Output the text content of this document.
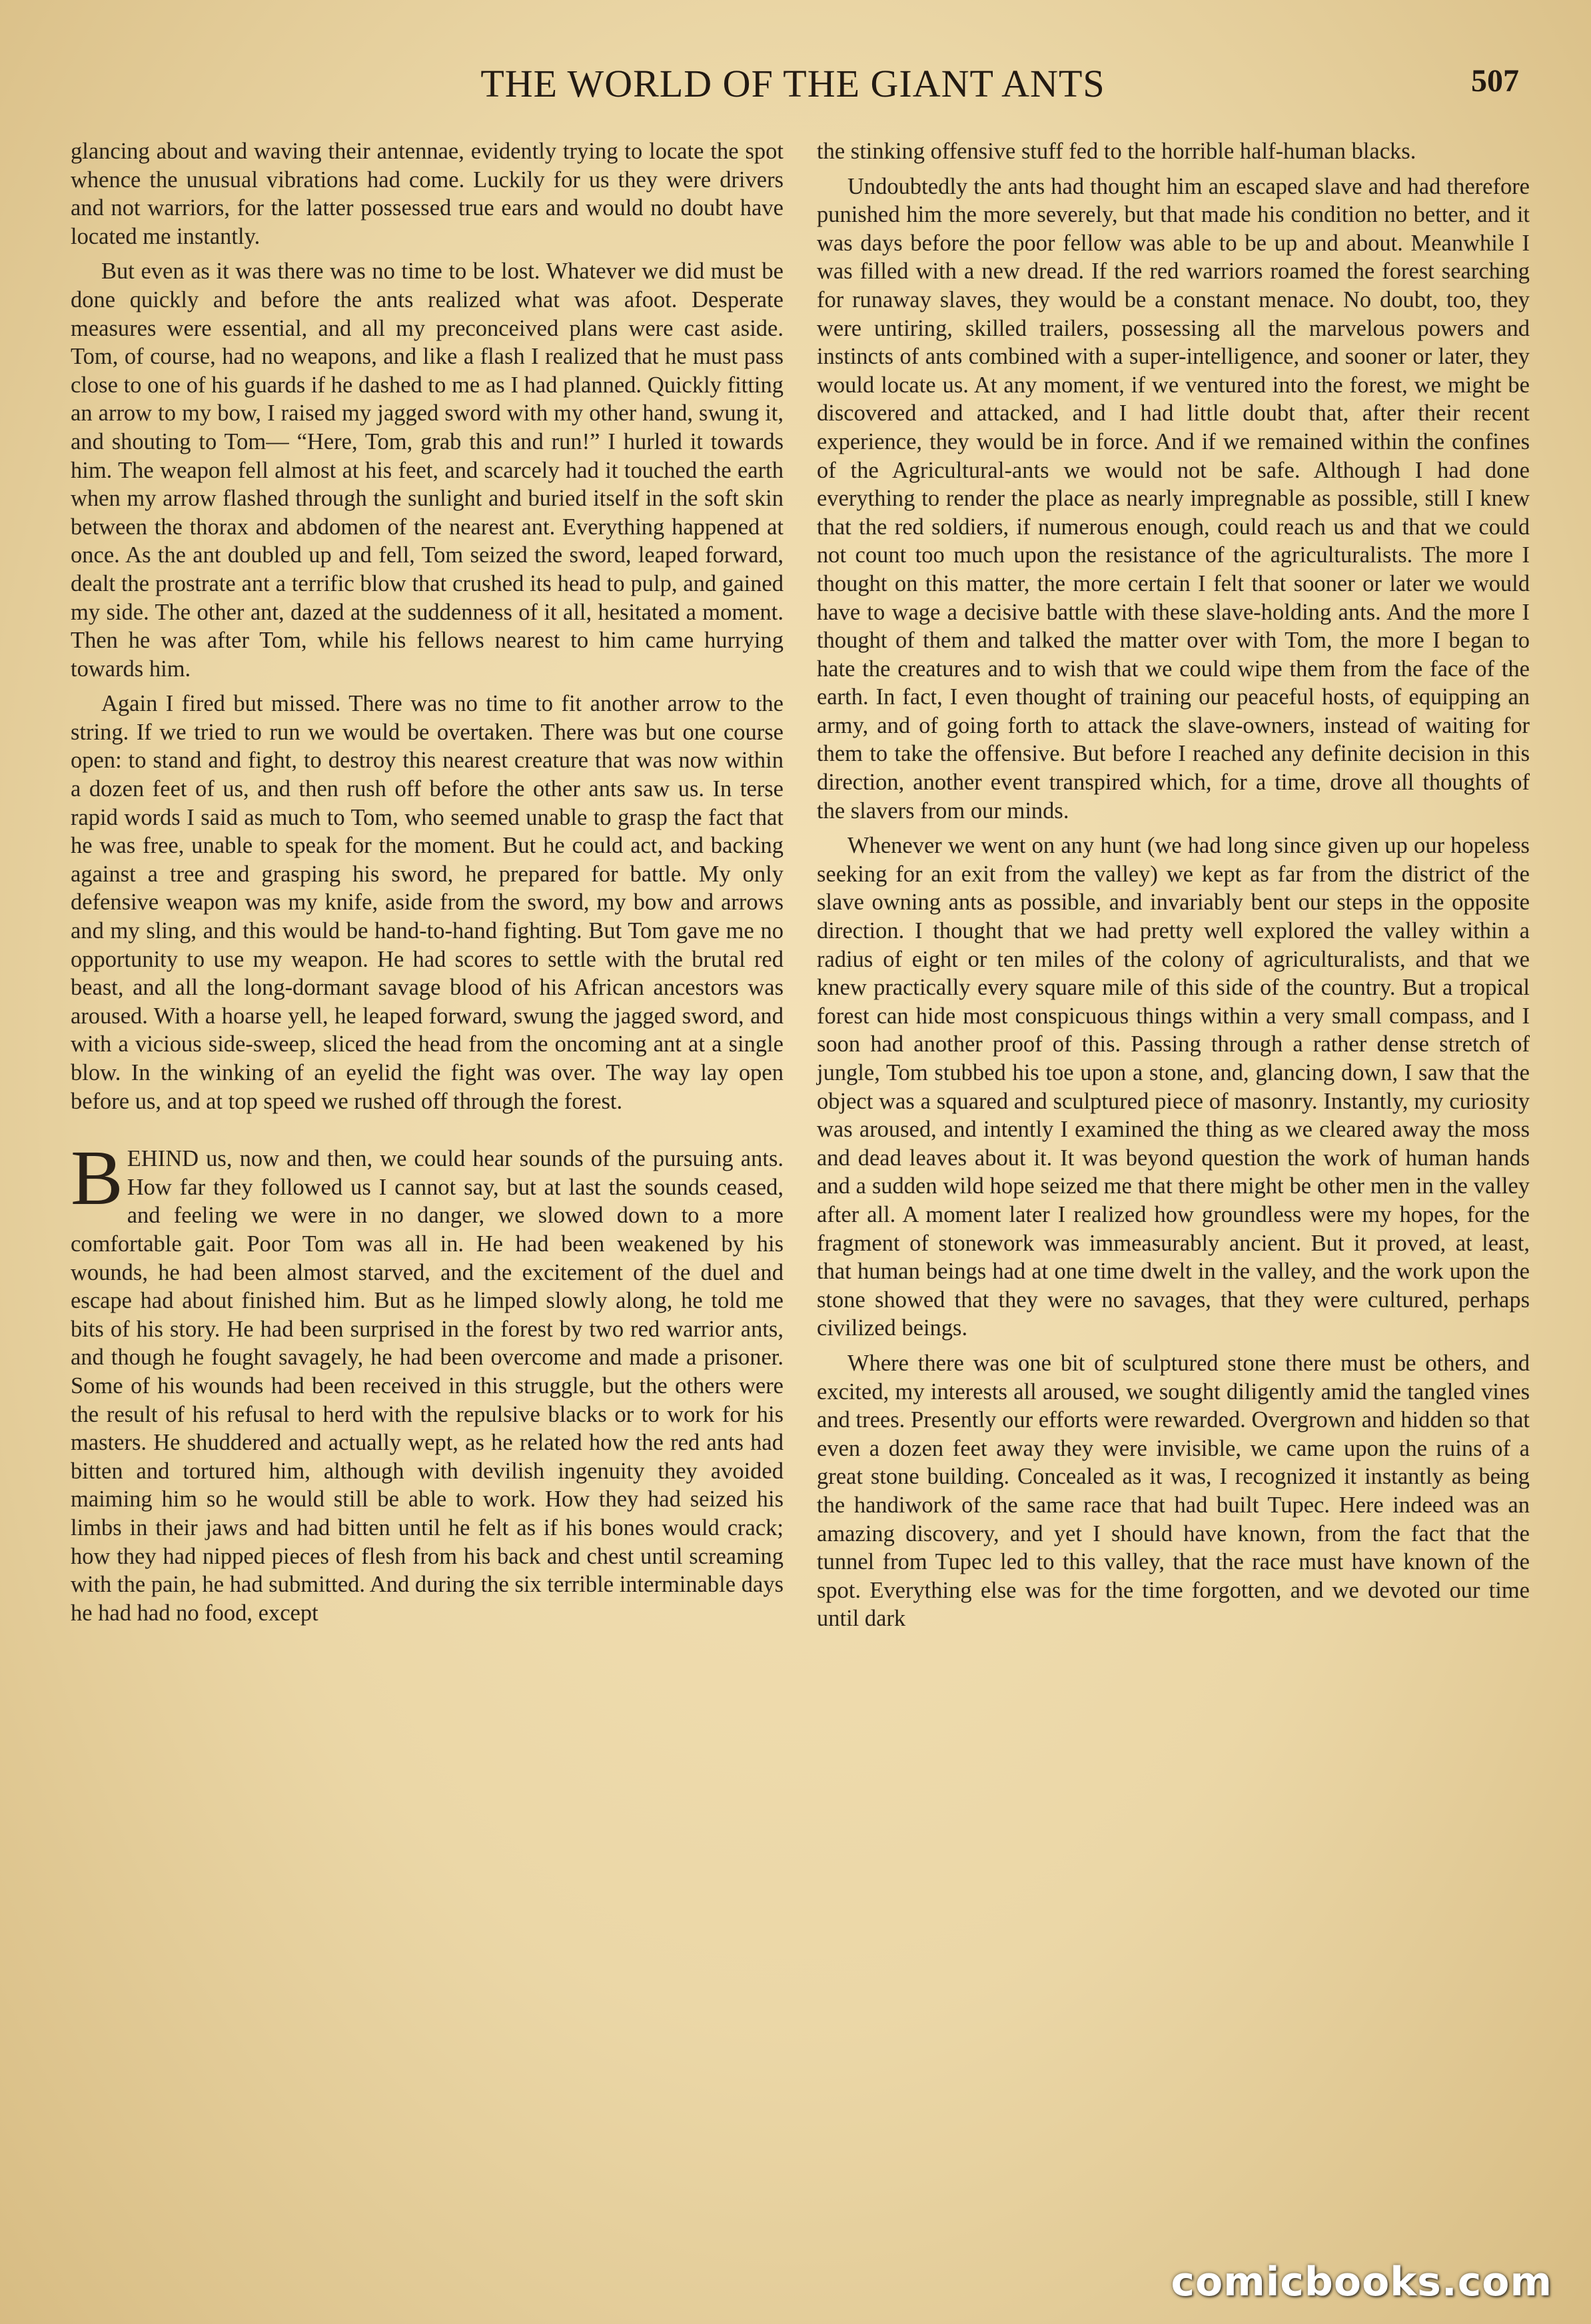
THE WORLD OF THE GIANT ANTS	507

glancing about and waving their antennae, evidently trying to locate the spot whence the unusual vibrations had come. Luckily for us they were drivers and not warriors, for the latter possessed true ears and would no doubt have located me instantly.

But even as it was there was no time to be lost. Whatever we did must be done quickly and before the ants realized what was afoot. Desperate measures were essential, and all my preconceived plans were cast aside. Tom, of course, had no weapons, and like a flash I realized that he must pass close to one of his guards if he dashed to me as I had planned. Quickly fitting an arrow to my bow, I raised my jagged sword with my other hand, swung it, and shouting to Tom— “Here, Tom, grab this and run!” I hurled it towards him. The weapon fell almost at his feet, and scarcely had it touched the earth when my arrow flashed through the sunlight and buried itself in the soft skin between the thorax and abdomen of the nearest ant. Everything happened at once. As the ant doubled up and fell, Tom seized the sword, leaped forward, dealt the prostrate ant a terrific blow that crushed its head to pulp, and gained my side. The other ant, dazed at the suddenness of it all, hesitated a moment. Then he was after Tom, while his fellows nearest to him came hurrying towards him.

Again I fired but missed. There was no time to fit another arrow to the string. If we tried to run we would be overtaken. There was but one course open: to stand and fight, to destroy this nearest creature that was now within a dozen feet of us, and then rush off before the other ants saw us. In terse rapid words I said as much to Tom, who seemed unable to grasp the fact that he was free, unable to speak for the moment. But he could act, and backing against a tree and grasping his sword, he prepared for battle. My only defensive weapon was my knife, aside from the sword, my bow and arrows and my sling, and this would be hand-to-hand fighting. But Tom gave me no opportunity to use my weapon. He had scores to settle with the brutal red beast, and all the long-dormant savage blood of his African ancestors was aroused. With a hoarse yell, he leaped forward, swung the jagged sword, and with a vicious side-sweep, sliced the head from the oncoming ant at a single blow. In the winking of an eyelid the fight was over. The way lay open before us, and at top speed we rushed off through the forest.

BEHIND us, now and then, we could hear sounds of the pursuing ants. How far they followed us I cannot say, but at last the sounds ceased, and feeling we were in no danger, we slowed down to a more comfortable gait. Poor Tom was all in. He had been weakened by his wounds, he had been almost starved, and the excitement of the duel and escape had about finished him. But as he limped slowly along, he told me bits of his story. He had been surprised in the forest by two red warrior ants, and though he fought savagely, he had been overcome and made a prisoner. Some of his wounds had been received in this struggle, but the others were the result of his refusal to herd with the repulsive blacks or to work for his masters. He shuddered and actually wept, as he related how the red ants had bitten and tortured him, although with devilish ingenuity they avoided maiming him so he would still be able to work. How they had seized his limbs in their jaws and had bitten until he felt as if his bones would crack; how they had nipped pieces of flesh from his back and chest until screaming with the pain, he had submitted. And during the six terrible interminable days he had had no food, except

the stinking offensive stuff fed to the horrible half-human blacks.

Undoubtedly the ants had thought him an escaped slave and had therefore punished him the more severely, but that made his condition no better, and it was days before the poor fellow was able to be up and about. Meanwhile I was filled with a new dread. If the red warriors roamed the forest searching for runaway slaves, they would be a constant menace. No doubt, too, they were untiring, skilled trailers, possessing all the marvelous powers and instincts of ants combined with a super-intelligence, and sooner or later, they would locate us. At any moment, if we ventured into the forest, we might be discovered and attacked, and I had little doubt that, after their recent experience, they would be in force. And if we remained within the confines of the Agricultural-ants we would not be safe. Although I had done everything to render the place as nearly impregnable as possible, still I knew that the red soldiers, if numerous enough, could reach us and that we could not count too much upon the resistance of the agriculturalists. The more I thought on this matter, the more certain I felt that sooner or later we would have to wage a decisive battle with these slave-holding ants. And the more I thought of them and talked the matter over with Tom, the more I began to hate the creatures and to wish that we could wipe them from the face of the earth. In fact, I even thought of training our peaceful hosts, of equipping an army, and of going forth to attack the slave-owners, instead of waiting for them to take the offensive. But before I reached any definite decision in this direction, another event transpired which, for a time, drove all thoughts of the slavers from our minds.

Whenever we went on any hunt (we had long since given up our hopeless seeking for an exit from the valley) we kept as far from the district of the slave owning ants as possible, and invariably bent our steps in the opposite direction. I thought that we had pretty well explored the valley within a radius of eight or ten miles of the colony of agriculturalists, and that we knew practically every square mile of this side of the country. But a tropical forest can hide most conspicuous things within a very small compass, and I soon had another proof of this. Passing through a rather dense stretch of jungle, Tom stubbed his toe upon a stone, and, glancing down, I saw that the object was a squared and sculptured piece of masonry. Instantly, my curiosity was aroused, and intently I examined the thing as we cleared away the moss and dead leaves about it. It was beyond question the work of human hands and a sudden wild hope seized me that there might be other men in the valley after all. A moment later I realized how groundless were my hopes, for the fragment of stonework was immeasurably ancient. But it proved, at least, that human beings had at one time dwelt in the valley, and the work upon the stone showed that they were no savages, that they were cultured, perhaps civilized beings.

Where there was one bit of sculptured stone there must be others, and excited, my interests all aroused, we sought diligently amid the tangled vines and trees. Presently our efforts were rewarded. Overgrown and hidden so that even a dozen feet away they were invisible, we came upon the ruins of a great stone building. Concealed as it was, I recognized it instantly as being the handiwork of the same race that had built Tupec. Here indeed was an amazing discovery, and yet I should have known, from the fact that the tunnel from Tupec led to this valley, that the race must have known of the spot. Everything else was for the time forgotten, and we devoted our time until dark

comicbooks.com
